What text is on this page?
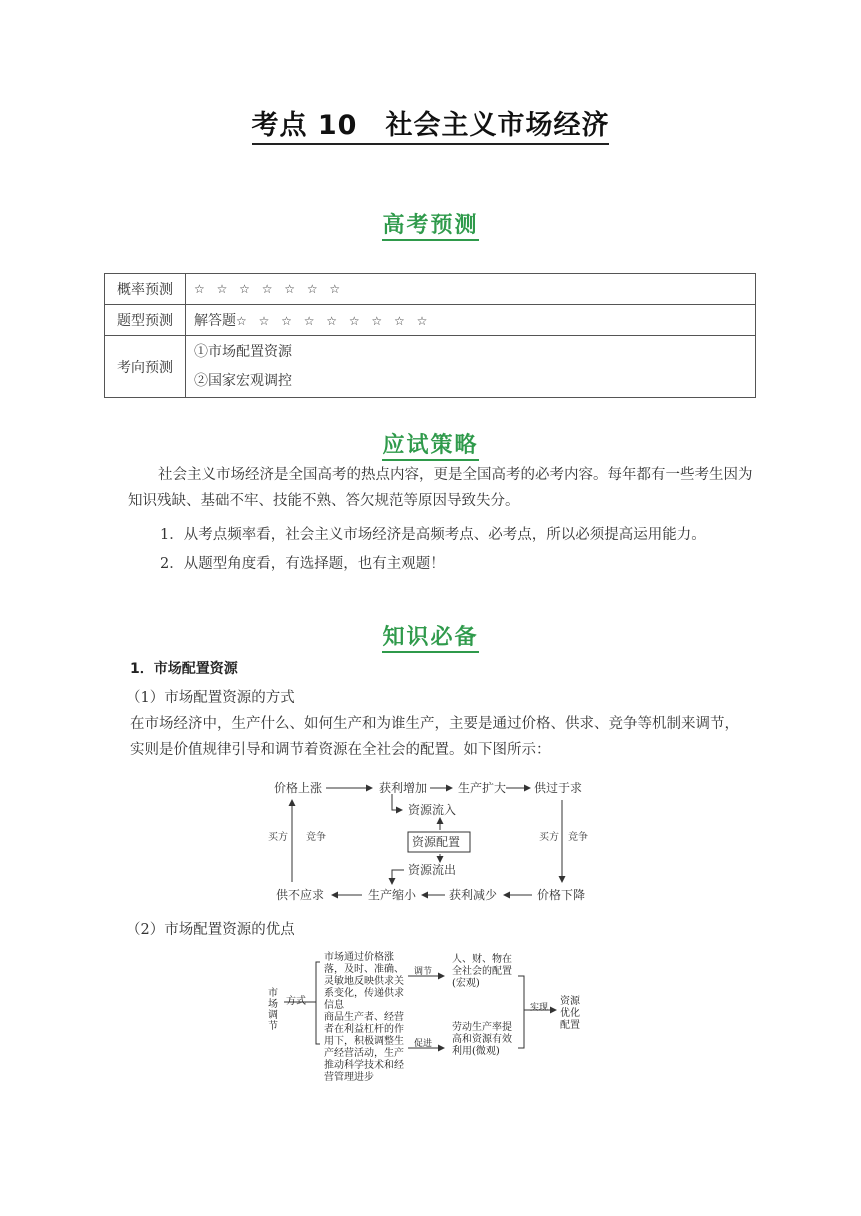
考点 10　社会主义市场经济
高考预测
概率预测	☆ ☆ ☆ ☆ ☆ ☆ ☆
题型预测	解答题☆ ☆ ☆ ☆ ☆ ☆ ☆ ☆ ☆
考向预测	①市场配置资源
②国家宏观调控
应试策略
社会主义市场经济是全国高考的热点内容，更是全国高考的必考内容。每年都有一些考生因为知识残缺、基础不牢、技能不熟、答欠规范等原因导致失分。
1．从考点频率看，社会主义市场经济是高频考点、必考点，所以必须提高运用能力。
2．从题型角度看，有选择题，也有主观题！
知识必备
1．市场配置资源
（1）市场配置资源的方式
在市场经济中，生产什么、如何生产和为谁生产，主要是通过价格、供求、竞争等机制来调节，实则是价值规律引导和调节着资源在全社会的配置。如下图所示：
价格上涨	获利增加	生产扩大 供过于求
资源流入
资源配置
资源流出
供不应求	生产缩小	获利减少	价格下降
买方 竞争	买方 竞争
（2）市场配置资源的优点
市场调节
方式
市场通过价格涨落，及时、准确、灵敏地反映供求关系变化，传递供求信息
调节
人、财、物在全社会的配置(宏观)
商品生产者、经营者在利益杠杆的作用下，积极调整生产经营活动，生产推动科学技术和经营管理进步
促进
劳动生产率提高和资源有效利用(微观)
实现
资源优化配置
